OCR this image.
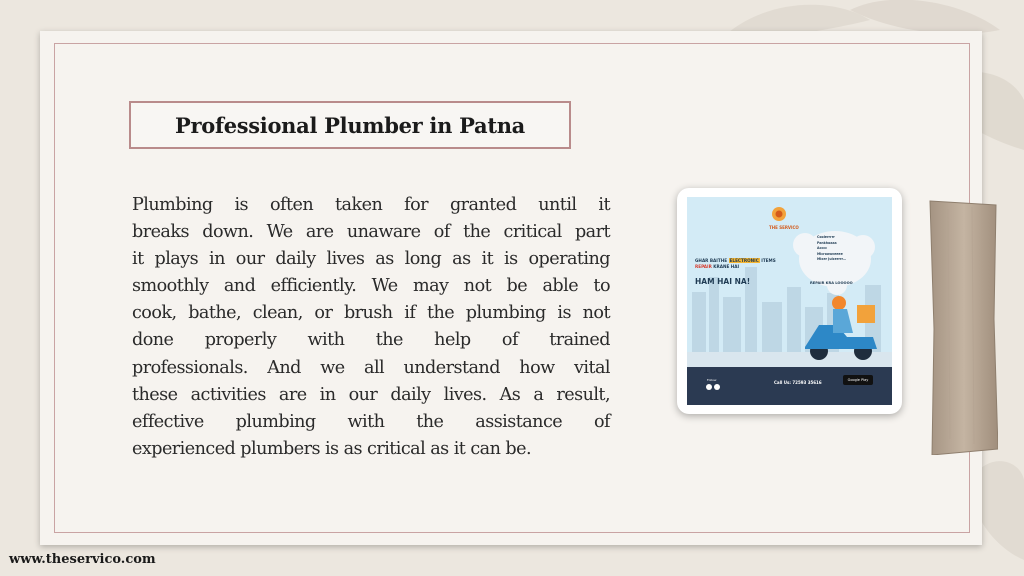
Professional Plumber in Patna
Plumbing is often taken for granted until it
breaks down. We are unaware of the critical part
it plays in our daily lives as long as it is operating
smoothly and efficiently. We may not be able to
cook, bathe, clean, or brush if the plumbing is not
done properly with the help of trained
professionals. And we all understand how vital
these activities are in our daily lives. As a result,
effective plumbing with the assistance of
experienced plumbers is as critical as it can be.
THE SERVICO
GHAR BAITHE ELECTRONIC ITEMS
REPAIR KRANE HAI
HAM HAI NA!
Coolerrrrr
Pankhaaaa
Acccc
Microwaveeee
Mixer Juicerrrr...
REPAIR KRA LOOOOO
Follow	Call Us: 72593 35616	Google Play
www.theservico.com
